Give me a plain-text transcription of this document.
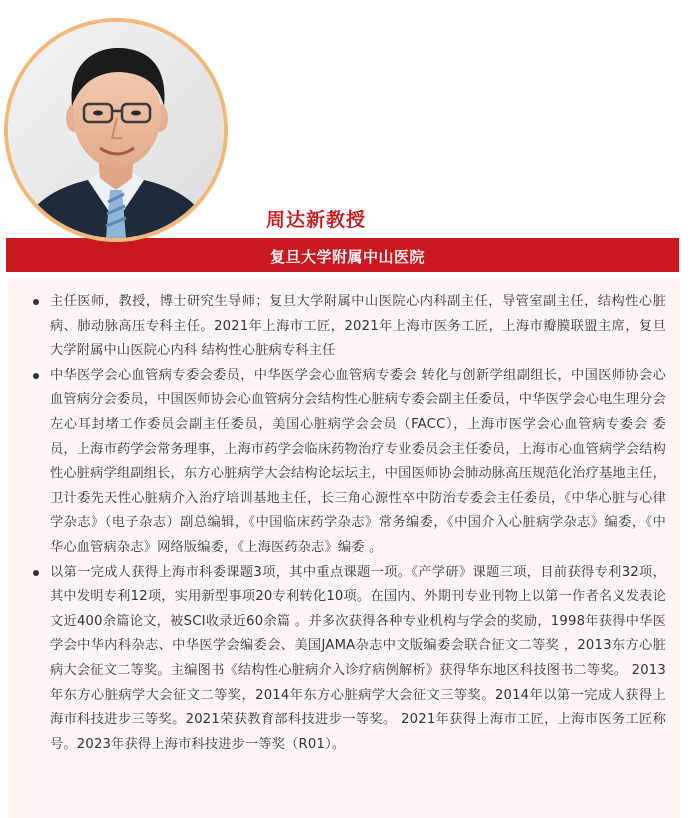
周达新教授
复旦大学附属中山医院
主任医师，教授，博士研究生导师；复旦大学附属中山医院心内科副主任，导管室副主任，结构性心脏病、肺动脉高压专科主任。2021年上海市工匠，2021年上海市医务工匠，上海市瓣膜联盟主席，复旦大学附属中山医院心内科 结构性心脏病专科主任
中华医学会心血管病专委会委员，中华医学会心血管病专委会 转化与创新学组副组长，中国医师协会心血管病分会委员，中国医师协会心血管病分会结构性心脏病专委会副主任委员，中华医学会心电生理分会 左心耳封堵工作委员会副主任委员，美国心脏病学会会员（FACC），上海市医学会心血管病专委会 委员，上海市药学会常务理事，上海市药学会临床药物治疗专业委员会主任委员，上海市心血管病学会结构性心脏病学组副组长，东方心脏病学大会结构论坛坛主，中国医师协会肺动脉高压规范化治疗基地主任，卫计委先天性心脏病介入治疗培训基地主任，长三角心源性卒中防治专委会主任委员，《中华心脏与心律学杂志》（电子杂志）副总编辑，《中国临床药学杂志》常务编委，《中国介入心脏病学杂志》编委，《中华心血管病杂志》网络版编委，《上海医药杂志》编委 。
以第一完成人获得上海市科委课题3项，其中重点课题一项。《产学研》课题三项，目前获得专利32项，其中发明专利12项，实用新型事项20专利转化10项。在国内、外期刊专业刊物上以第一作者名义发表论文近400余篇论文，被SCI收录近60余篇 。并多次获得各种专业机构与学会的奖励，1998年获得中华医学会中华内科杂志、中华医学会编委会、美国JAMA杂志中文版编委会联合征文二等奖 ，2013东方心脏病大会征文二等奖。主编图书《结构性心脏病介入诊疗病例解析》获得华东地区科技图书二等奖。 2013年东方心脏病学大会征文二等奖，2014年东方心脏病学大会征文三等奖。2014年以第一完成人获得上海市科技进步三等奖。2021荣获教育部科技进步一等奖。 2021年获得上海市工匠，上海市医务工匠称号。2023年获得上海市科技进步一等奖（R01）。
